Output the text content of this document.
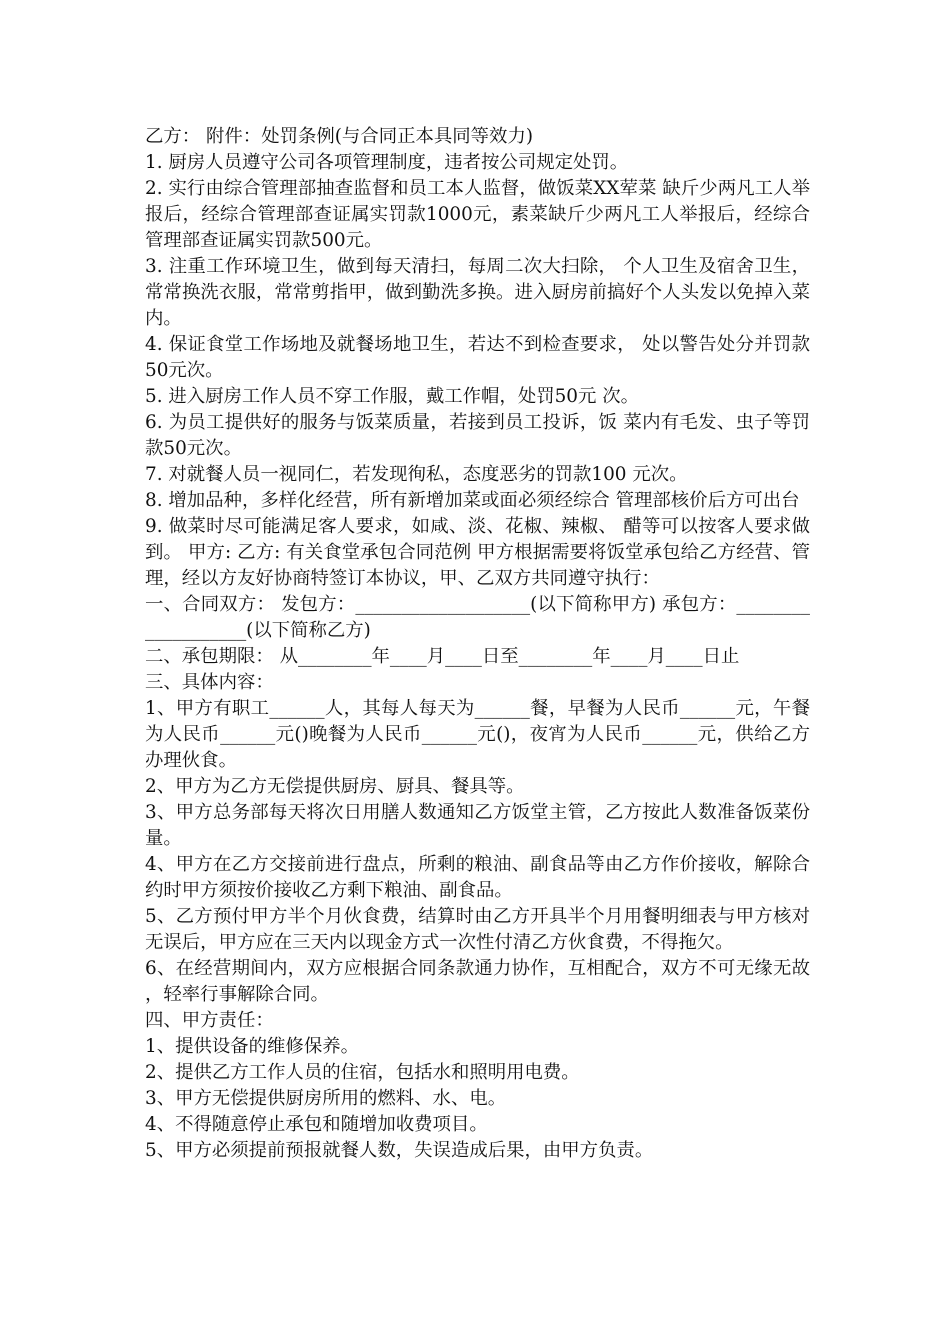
乙方： 附件：处罚条例(与合同正本具同等效力)

1. 厨房人员遵守公司各项管理制度，违者按公司规定处罚。

2. 实行由综合管理部抽查监督和员工本人监督，做饭菜XX荤菜 缺斤少两凡工人举报后，经综合管理部查证属实罚款1000元，素菜缺斤少两凡工人举报后，经综合管理部查证属实罚款500元。

3. 注重工作环境卫生，做到每天清扫，每周二次大扫除， 个人卫生及宿舍卫生，常常换洗衣服，常常剪指甲，做到勤洗多换。进入厨房前搞好个人头发以免掉入菜内。

4. 保证食堂工作场地及就餐场地卫生，若达不到检查要求， 处以警告处分并罚款50元次。

5. 进入厨房工作人员不穿工作服，戴工作帽，处罚50元 次。

6. 为员工提供好的服务与饭菜质量，若接到员工投诉，饭 菜内有毛发、虫子等罚款50元次。

7. 对就餐人员一视同仁，若发现徇私，态度恶劣的罚款100 元次。

8. 增加品种，多样化经营，所有新增加菜或面必须经综合 管理部核价后方可出台

9. 做菜时尽可能满足客人要求，如咸、淡、花椒、辣椒、 醋等可以按客人要求做到。 甲方: 乙方: 有关食堂承包合同范例 甲方根据需要将饭堂承包给乙方经营、管理，经以方友好协商特签订本协议，甲、乙双方共同遵守执行：

一、合同双方： 发包方：___________________(以下简称甲方) 承包方：___________________(以下简称乙方)

二、承包期限： 从________年____月____日至________年____月____日止

三、具体内容：

1、甲方有职工______人，其每人每天为______餐，早餐为人民币______元，午餐为人民币______元()晚餐为人民币______元()，夜宵为人民币______元，供给乙方办理伙食。

2、甲方为乙方无偿提供厨房、厨具、餐具等。

3、甲方总务部每天将次日用膳人数通知乙方饭堂主管，乙方按此人数准备饭菜份量。

4、甲方在乙方交接前进行盘点，所剩的粮油、副食品等由乙方作价接收，解除合约时甲方须按价接收乙方剩下粮油、副食品。

5、乙方预付甲方半个月伙食费，结算时由乙方开具半个月用餐明细表与甲方核对无误后，甲方应在三天内以现金方式一次性付清乙方伙食费，不得拖欠。

6、在经营期间内，双方应根据合同条款通力协作，互相配合，双方不可无缘无故，轻率行事解除合同。

四、甲方责任：

1、提供设备的维修保养。

2、提供乙方工作人员的住宿，包括水和照明用电费。

3、甲方无偿提供厨房所用的燃料、水、电。

4、不得随意停止承包和随增加收费项目。

5、甲方必须提前预报就餐人数，失误造成后果，由甲方负责。
